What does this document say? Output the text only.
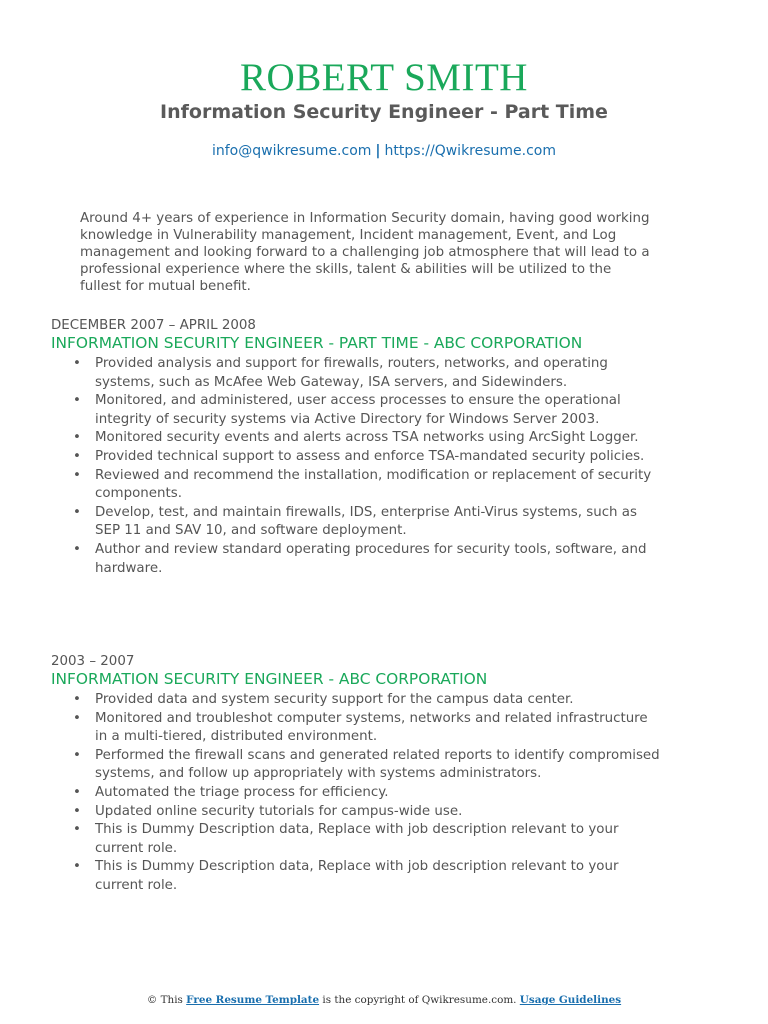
ROBERT SMITH
Information Security Engineer - Part Time
info@qwikresume.com | https://Qwikresume.com
Around 4+ years of experience in Information Security domain, having good working knowledge in Vulnerability management, Incident management, Event, and Log management and looking forward to a challenging job atmosphere that will lead to a professional experience where the skills, talent & abilities will be utilized to the fullest for mutual benefit.
DECEMBER 2007 – APRIL 2008
INFORMATION SECURITY ENGINEER - PART TIME - ABC CORPORATION
• Provided analysis and support for firewalls, routers, networks, and operating systems, such as McAfee Web Gateway, ISA servers, and Sidewinders.
• Monitored, and administered, user access processes to ensure the operational integrity of security systems via Active Directory for Windows Server 2003.
• Monitored security events and alerts across TSA networks using ArcSight Logger.
• Provided technical support to assess and enforce TSA-mandated security policies.
• Reviewed and recommend the installation, modification or replacement of security components.
• Develop, test, and maintain firewalls, IDS, enterprise Anti-Virus systems, such as SEP 11 and SAV 10, and software deployment.
• Author and review standard operating procedures for security tools, software, and hardware.
2003 – 2007
INFORMATION SECURITY ENGINEER - ABC CORPORATION
• Provided data and system security support for the campus data center.
• Monitored and troubleshot computer systems, networks and related infrastructure in a multi-tiered, distributed environment.
• Performed the firewall scans and generated related reports to identify compromised systems, and follow up appropriately with systems administrators.
• Automated the triage process for efficiency.
• Updated online security tutorials for campus-wide use.
• This is Dummy Description data, Replace with job description relevant to your current role.
• This is Dummy Description data, Replace with job description relevant to your current role.
© This Free Resume Template is the copyright of Qwikresume.com. Usage Guidelines
